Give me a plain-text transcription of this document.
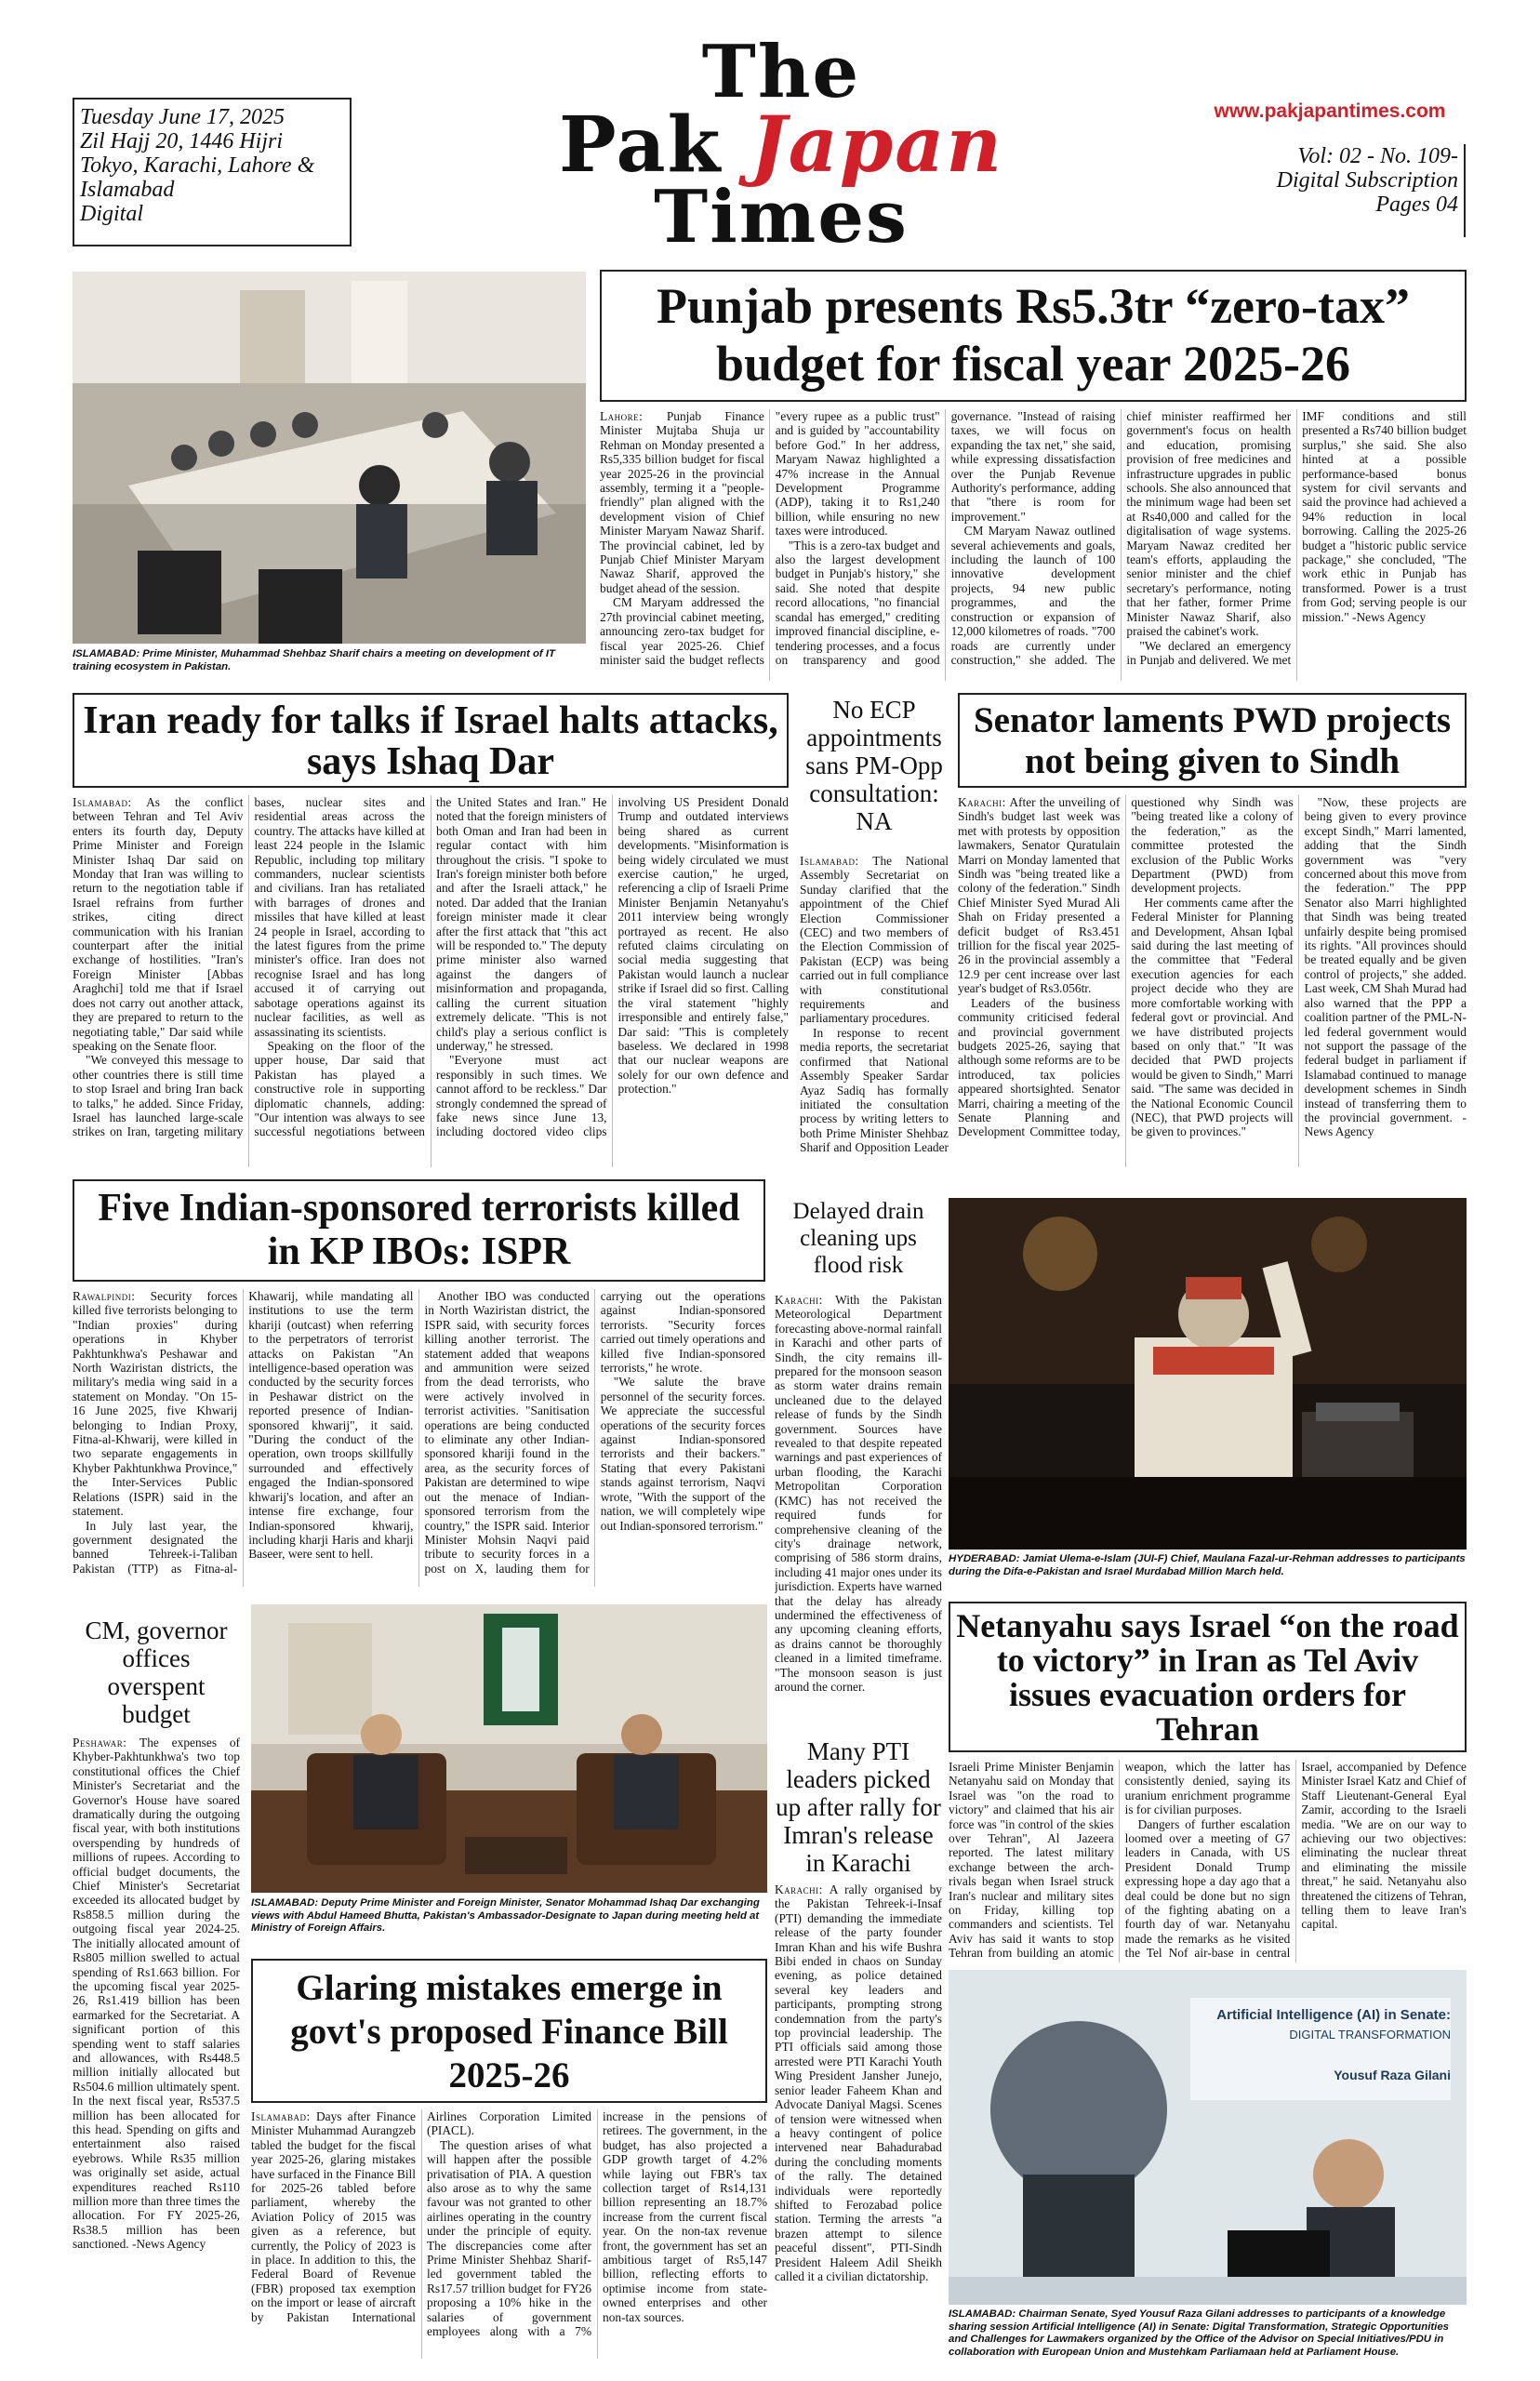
Tuesday June 17, 2025
Zil Hajj 20, 1446 Hijri
Tokyo, Karachi, Lahore &
Islamabad
Digital
The
Pak Japan
Times
www.pakjapantimes.com
Vol: 02 - No. 109-
Digital Subscription
Pages 04
ISLAMABAD: Prime Minister, Muhammad Shehbaz Sharif chairs a meeting on development of IT training ecosystem in Pakistan.
Punjab presents Rs5.3tr “zero-tax” budget for fiscal year 2025-26

Lahore: Punjab Finance Minister Mujtaba Shuja ur Rehman on Monday presented a Rs5,335 billion budget for fiscal year 2025-26 in the provincial assembly, terming it a "people-friendly" plan aligned with the development vision of Chief Minister Maryam Nawaz Sharif. The provincial cabinet, led by Punjab Chief Minister Maryam Nawaz Sharif, approved the budget ahead of the session.

CM Maryam addressed the 27th provincial cabinet meeting, announcing zero-tax budget for fiscal year 2025-26. Chief minister said the budget reflects "every rupee as a public trust" and is guided by "accountability before God." In her address, Maryam Nawaz highlighted a 47% increase in the Annual Development Programme (ADP), taking it to Rs1,240 billion, while ensuring no new taxes were introduced.

"This is a zero-tax budget and also the largest development budget in Punjab's history," she said. She noted that despite record allocations, "no financial scandal has emerged," crediting improved financial discipline, e-tendering processes, and a focus on transparency and good governance. "Instead of raising taxes, we will focus on expanding the tax net," she said, while expressing dissatisfaction over the Punjab Revenue Authority's performance, adding that "there is room for improvement."

CM Maryam Nawaz outlined several achievements and goals, including the launch of 100 innovative development projects, 94 new public programmes, and the construction or expansion of 12,000 kilometres of roads. "700 roads are currently under construction," she added. The chief minister reaffirmed her government's focus on health and education, promising provision of free medicines and infrastructure upgrades in public schools. She also announced that the minimum wage had been set at Rs40,000 and called for the digitalisation of wage systems. Maryam Nawaz credited her team's efforts, applauding the senior minister and the chief secretary's performance, noting that her father, former Prime Minister Nawaz Sharif, also praised the cabinet's work.

"We declared an emergency in Punjab and delivered. We met IMF conditions and still presented a Rs740 billion budget surplus," she said. She also hinted at a possible performance-based bonus system for civil servants and said the province had achieved a 94% reduction in local borrowing. Calling the 2025-26 budget a "historic public service package," she concluded, "The work ethic in Punjab has transformed. Power is a trust from God; serving people is our mission." -News Agency

Iran ready for talks if Israel halts attacks, says Ishaq Dar

Islamabad: As the conflict between Tehran and Tel Aviv enters its fourth day, Deputy Prime Minister and Foreign Minister Ishaq Dar said on Monday that Iran was willing to return to the negotiation table if Israel refrains from further strikes, citing direct communication with his Iranian counterpart after the initial exchange of hostilities. "Iran's Foreign Minister [Abbas Araghchi] told me that if Israel does not carry out another attack, they are prepared to return to the negotiating table," Dar said while speaking on the Senate floor.

"We conveyed this message to other countries there is still time to stop Israel and bring Iran back to talks," he added. Since Friday, Israel has launched large-scale strikes on Iran, targeting military bases, nuclear sites and residential areas across the country. The attacks have killed at least 224 people in the Islamic Republic, including top military commanders, nuclear scientists and civilians. Iran has retaliated with barrages of drones and missiles that have killed at least 24 people in Israel, according to the latest figures from the prime minister's office. Iran does not recognise Israel and has long accused it of carrying out sabotage operations against its nuclear facilities, as well as assassinating its scientists.

Speaking on the floor of the upper house, Dar said that Pakistan has played a constructive role in supporting diplomatic channels, adding: "Our intention was always to see successful negotiations between the United States and Iran." He noted that the foreign ministers of both Oman and Iran had been in regular contact with him throughout the crisis. "I spoke to Iran's foreign minister both before and after the Israeli attack," he noted. Dar added that the Iranian foreign minister made it clear after the first attack that "this act will be responded to." The deputy prime minister also warned against the dangers of misinformation and propaganda, calling the current situation extremely delicate. "This is not child's play a serious conflict is underway," he stressed.

"Everyone must act responsibly in such times. We cannot afford to be reckless." Dar strongly condemned the spread of fake news since June 13, including doctored video clips involving US President Donald Trump and outdated interviews being shared as current developments. "Misinformation is being widely circulated we must exercise caution," he urged, referencing a clip of Israeli Prime Minister Benjamin Netanyahu's 2011 interview being wrongly portrayed as recent. He also refuted claims circulating on social media suggesting that Pakistan would launch a nuclear strike if Israel did so first. Calling the viral statement "highly irresponsible and entirely false," Dar said: "This is completely baseless. We declared in 1998 that our nuclear weapons are solely for our own defence and protection."

No ECP appointments sans PM-Opp consultation: NA

Islamabad: The National Assembly Secretariat on Sunday clarified that the appointment of the Chief Election Commissioner (CEC) and two members of the Election Commission of Pakistan (ECP) was being carried out in full compliance with constitutional requirements and parliamentary procedures.

In response to recent media reports, the secretariat confirmed that National Assembly Speaker Sardar Ayaz Sadiq has formally initiated the consultation process by writing letters to both Prime Minister Shehbaz Sharif and Opposition Leader

Senator laments PWD projects not being given to Sindh

Karachi: After the unveiling of Sindh's budget last week was met with protests by opposition lawmakers, Senator Quratulain Marri on Monday lamented that Sindh was "being treated like a colony of the federation." Sindh Chief Minister Syed Murad Ali Shah on Friday presented a deficit budget of Rs3.451 trillion for the fiscal year 2025-26 in the provincial assembly a 12.9 per cent increase over last year's budget of Rs3.056tr.

Leaders of the business community criticised federal and provincial government budgets 2025-26, saying that although some reforms are to be introduced, tax policies appeared shortsighted. Senator Marri, chairing a meeting of the Senate Planning and Development Committee today, questioned why Sindh was "being treated like a colony of the federation," as the committee protested the exclusion of the Public Works Department (PWD) from development projects.

Her comments came after the Federal Minister for Planning and Development, Ahsan Iqbal said during the last meeting of the committee that "Federal execution agencies for each project decide who they are more comfortable working with federal govt or provincial. And we have distributed projects based on only that." "It was decided that PWD projects would be given to Sindh," Marri said. "The same was decided in the National Economic Council (NEC), that PWD projects will be given to provinces."

"Now, these projects are being given to every province except Sindh," Marri lamented, adding that the Sindh government was "very concerned about this move from the federation." The PPP Senator also Marri highlighted that Sindh was being treated unfairly despite being promised its rights. "All provinces should be treated equally and be given control of projects," she added. Last week, CM Shah Murad had also warned that the PPP a coalition partner of the PML-N-led federal government would not support the passage of the federal budget in parliament if Islamabad continued to manage development schemes in Sindh instead of transferring them to the provincial government. -News Agency

Five Indian-sponsored terrorists killed in KP IBOs: ISPR

Rawalpindi: Security forces killed five terrorists belonging to "Indian proxies" during operations in Khyber Pakhtunkhwa's Peshawar and North Waziristan districts, the military's media wing said in a statement on Monday. "On 15-16 June 2025, five Khwarij belonging to Indian Proxy, Fitna-al-Khwarij, were killed in two separate engagements in Khyber Pakhtunkhwa Province," the Inter-Services Public Relations (ISPR) said in the statement.

In July last year, the government designated the banned Tehreek-i-Taliban Pakistan (TTP) as Fitna-al-Khawarij, while mandating all institutions to use the term khariji (outcast) when referring to the perpetrators of terrorist attacks on Pakistan "An intelligence-based operation was conducted by the security forces in Peshawar district on the reported presence of Indian-sponsored khwarij", it said. "During the conduct of the operation, own troops skillfully surrounded and effectively engaged the Indian-sponsored khwarij's location, and after an intense fire exchange, four Indian-sponsored khwarij, including kharji Haris and kharji Baseer, were sent to hell.

Another IBO was conducted in North Waziristan district, the ISPR said, with security forces killing another terrorist. The statement added that weapons and ammunition were seized from the dead terrorists, who were actively involved in terrorist activities. "Sanitisation operations are being conducted to eliminate any other Indian-sponsored khariji found in the area, as the security forces of Pakistan are determined to wipe out the menace of Indian-sponsored terrorism from the country," the ISPR said. Interior Minister Mohsin Naqvi paid tribute to security forces in a post on X, lauding them for carrying out the operations against Indian-sponsored terrorists. "Security forces carried out timely operations and killed five Indian-sponsored terrorists," he wrote.

"We salute the brave personnel of the security forces. We appreciate the successful operations of the security forces against Indian-sponsored terrorists and their backers." Stating that every Pakistani stands against terrorism, Naqvi wrote, "With the support of the nation, we will completely wipe out Indian-sponsored terrorism."

Delayed drain cleaning ups flood risk

Karachi: With the Pakistan Meteorological Department forecasting above-normal rainfall in Karachi and other parts of Sindh, the city remains ill-prepared for the monsoon season as storm water drains remain uncleaned due to the delayed release of funds by the Sindh government. Sources have revealed to that despite repeated warnings and past experiences of urban flooding, the Karachi Metropolitan Corporation (KMC) has not received the required funds for comprehensive cleaning of the city's drainage network, comprising of 586 storm drains, including 41 major ones under its jurisdiction. Experts have warned that the delay has already undermined the effectiveness of any upcoming cleaning efforts, as drains cannot be thoroughly cleaned in a limited timeframe. "The monsoon season is just around the corner.

HYDERABAD: Jamiat Ulema-e-Islam (JUI-F) Chief, Maulana Fazal-ur-Rehman addresses to participants during the Difa-e-Pakistan and Israel Murdabad Million March held.
CM, governor offices overspent budget

Peshawar: The expenses of Khyber-Pakhtunkhwa's two top constitutional offices the Chief Minister's Secretariat and the Governor's House have soared dramatically during the outgoing fiscal year, with both institutions overspending by hundreds of millions of rupees. According to official budget documents, the Chief Minister's Secretariat exceeded its allocated budget by Rs858.5 million during the outgoing fiscal year 2024-25. The initially allocated amount of Rs805 million swelled to actual spending of Rs1.663 billion. For the upcoming fiscal year 2025-26, Rs1.419 billion has been earmarked for the Secretariat. A significant portion of this spending went to staff salaries and allowances, with Rs448.5 million initially allocated but Rs504.6 million ultimately spent. In the next fiscal year, Rs537.5 million has been allocated for this head. Spending on gifts and entertainment also raised eyebrows. While Rs35 million was originally set aside, actual expenditures reached Rs110 million more than three times the allocation. For FY 2025-26, Rs38.5 million has been sanctioned. -News Agency

ISLAMABAD: Deputy Prime Minister and Foreign Minister, Senator Mohammad Ishaq Dar exchanging views with Abdul Hameed Bhutta, Pakistan's Ambassador-Designate to Japan during meeting held at Ministry of Foreign Affairs.
Glaring mistakes emerge in govt's proposed Finance Bill 2025-26

Islamabad: Days after Finance Minister Muhammad Aurangzeb tabled the budget for the fiscal year 2025-26, glaring mistakes have surfaced in the Finance Bill for 2025-26 tabled before parliament, whereby the Aviation Policy of 2015 was given as a reference, but currently, the Policy of 2023 is in place. In addition to this, the Federal Board of Revenue (FBR) proposed tax exemption on the import or lease of aircraft by Pakistan International Airlines Corporation Limited (PIACL).

The question arises of what will happen after the possible privatisation of PIA. A question also arose as to why the same favour was not granted to other airlines operating in the country under the principle of equity. The discrepancies come after Prime Minister Shehbaz Sharif-led government tabled the Rs17.57 trillion budget for FY26 proposing a 10% hike in the salaries of government employees along with a 7% increase in the pensions of retirees. The government, in the budget, has also projected a GDP growth target of 4.2% while laying out FBR's tax collection target of Rs14,131 billion representing an 18.7% increase from the current fiscal year. On the non-tax revenue front, the government has set an ambitious target of Rs5,147 billion, reflecting efforts to optimise income from state-owned enterprises and other non-tax sources.

Many PTI leaders picked up after rally for Imran's release in Karachi

Karachi: A rally organised by the Pakistan Tehreek-i-Insaf (PTI) demanding the immediate release of the party founder Imran Khan and his wife Bushra Bibi ended in chaos on Sunday evening, as police detained several key leaders and participants, prompting strong condemnation from the party's top provincial leadership. The PTI officials said among those arrested were PTI Karachi Youth Wing President Jansher Junejo, senior leader Faheem Khan and Advocate Daniyal Magsi. Scenes of tension were witnessed when a heavy contingent of police intervened near Bahadurabad during the concluding moments of the rally. The detained individuals were reportedly shifted to Ferozabad police station. Terming the arrests "a brazen attempt to silence peaceful dissent", PTI-Sindh President Haleem Adil Sheikh called it a civilian dictatorship.

Netanyahu says Israel “on the road to victory” in Iran as Tel Aviv issues evacuation orders for Tehran

Israeli Prime Minister Benjamin Netanyahu said on Monday that Israel was "on the road to victory" and claimed that his air force was "in control of the skies over Tehran", Al Jazeera reported. The latest military exchange between the arch-rivals began when Israel struck Iran's nuclear and military sites on Friday, killing top commanders and scientists. Tel Aviv has said it wants to stop Tehran from building an atomic weapon, which the latter has consistently denied, saying its uranium enrichment programme is for civilian purposes.

Dangers of further escalation loomed over a meeting of G7 leaders in Canada, with US President Donald Trump expressing hope a day ago that a deal could be done but no sign of the fighting abating on a fourth day of war. Netanyahu made the remarks as he visited the Tel Nof air-base in central Israel, accompanied by Defence Minister Israel Katz and Chief of Staff Lieutenant-General Eyal Zamir, according to the Israeli media. "We are on our way to achieving our two objectives: eliminating the nuclear threat and eliminating the missile threat," he said. Netanyahu also threatened the citizens of Tehran, telling them to leave Iran's capital.

Artificial Intelligence (AI) in Senate:
DIGITAL TRANSFORMATION
Yousuf Raza Gilani
ISLAMABAD: Chairman Senate, Syed Yousuf Raza Gilani addresses to participants of a knowledge sharing session Artificial Intelligence (AI) in Senate: Digital Transformation, Strategic Opportunities and Challenges for Lawmakers organized by the Office of the Advisor on Special Initiatives/PDU in collaboration with European Union and Mustehkam Parliamaan held at Parliament House.
